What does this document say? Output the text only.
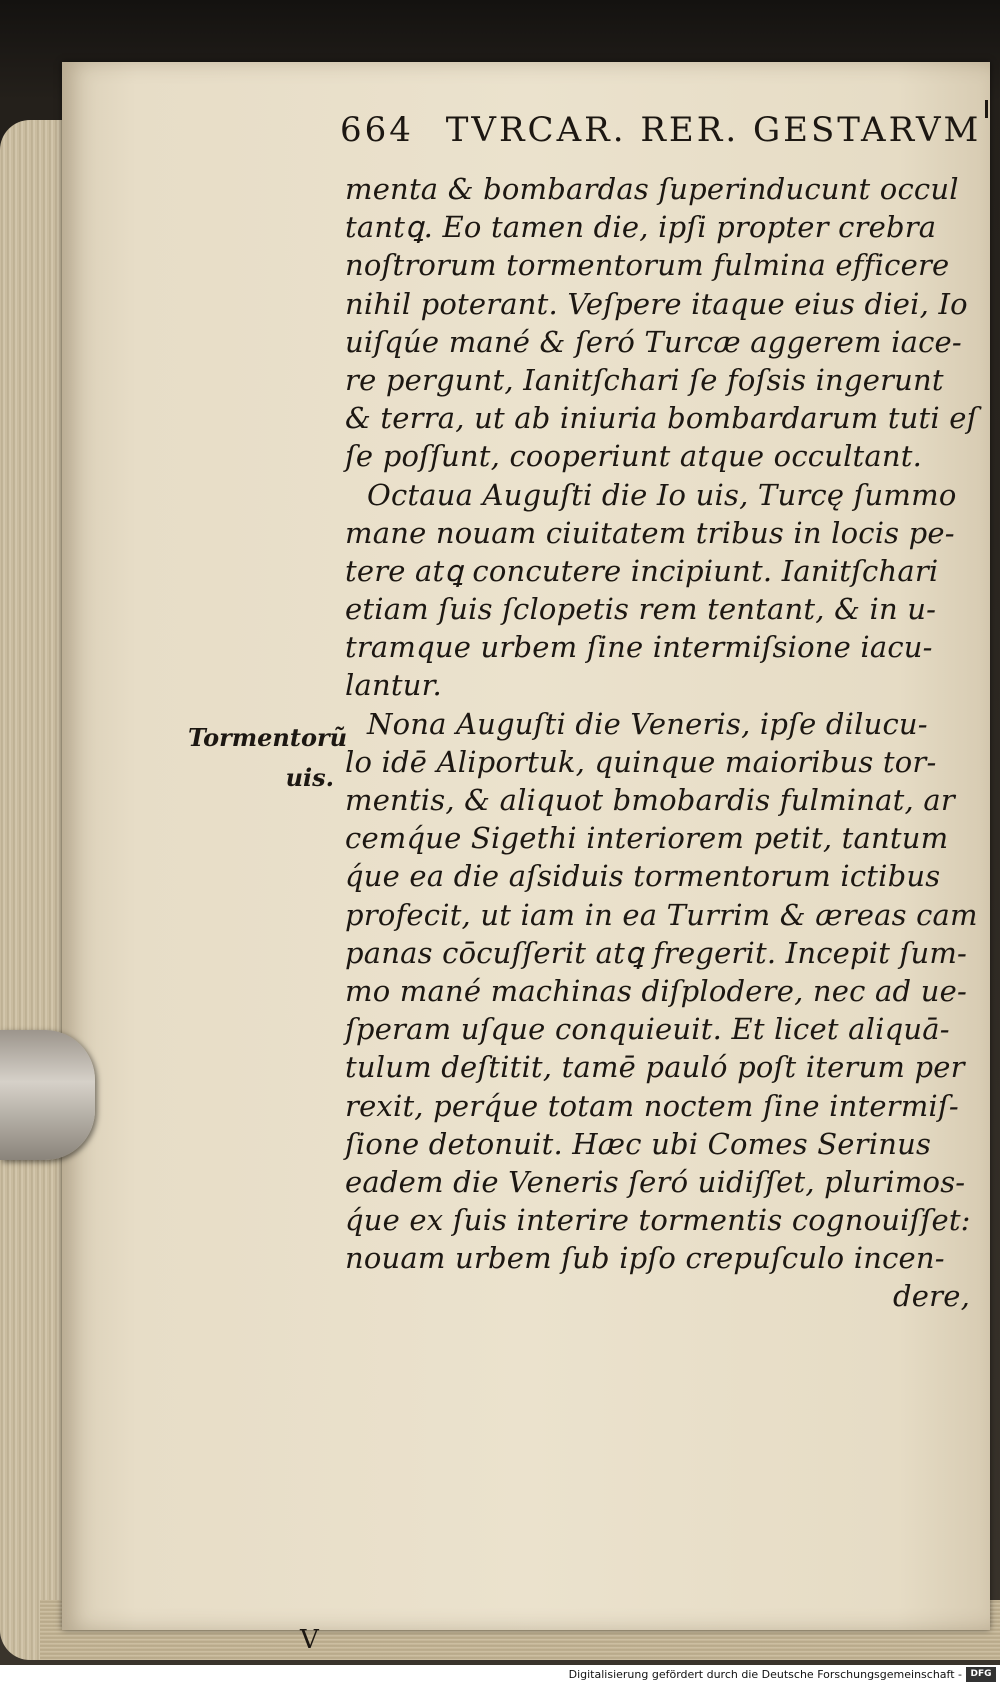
664 TVRCAR. RER. GESTARVM
Tormentorũ
uis.
menta & bombardas ſuperinducunt occul
tantꝗ. Eo tamen die, ipſi propter crebra
noſtrorum tormentorum fulmina efficere
nihil poterant. Veſpere itaque eius diei, Io
uiſqúe mané & ſeró Turcæ aggerem iace-
re pergunt, Ianitſchari ſe foſsis ingerunt
& terra, ut ab iniuria bombardarum tuti eſ
ſe poſſunt, cooperiunt atque occultant.
Octaua Auguſti die Io uis, Turcę ſummo
mane nouam ciuitatem tribus in locis pe-
tere atꝗ concutere incipiunt. Ianitſchari
etiam ſuis ſclopetis rem tentant, & in u-
tramque urbem ſine intermiſsione iacu-
lantur.
Nona Auguſti die Veneris, ipſe dilucu-
lo idē Aliportuk, quinque maioribus tor-
mentis, & aliquot bmobardis fulminat, ar
cemq́ue Sigethi interiorem petit, tantum
q́ue ea die aſsiduis tormentorum ictibus
profecit, ut iam in ea Turrim & æreas cam
panas cōcuſſerit atꝗ fregerit. Incepit ſum-
mo mané machinas diſplodere, nec ad ue-
ſperam uſque conquieuit. Et licet aliquā-
tulum deſtitit, tamē pauló poſt iterum per
rexit, perq́ue totam noctem ſine intermiſ-
ſione detonuit. Hæc ubi Comes Serinus
eadem die Veneris ſeró uidiſſet, plurimos-
q́ue ex ſuis interire tormentis cognouiſſet:
nouam urbem ſub ipſo crepuſculo incen-
dere,
V
Digitalisierung gefördert durch die Deutsche Forschungsgemeinschaft - DFG
